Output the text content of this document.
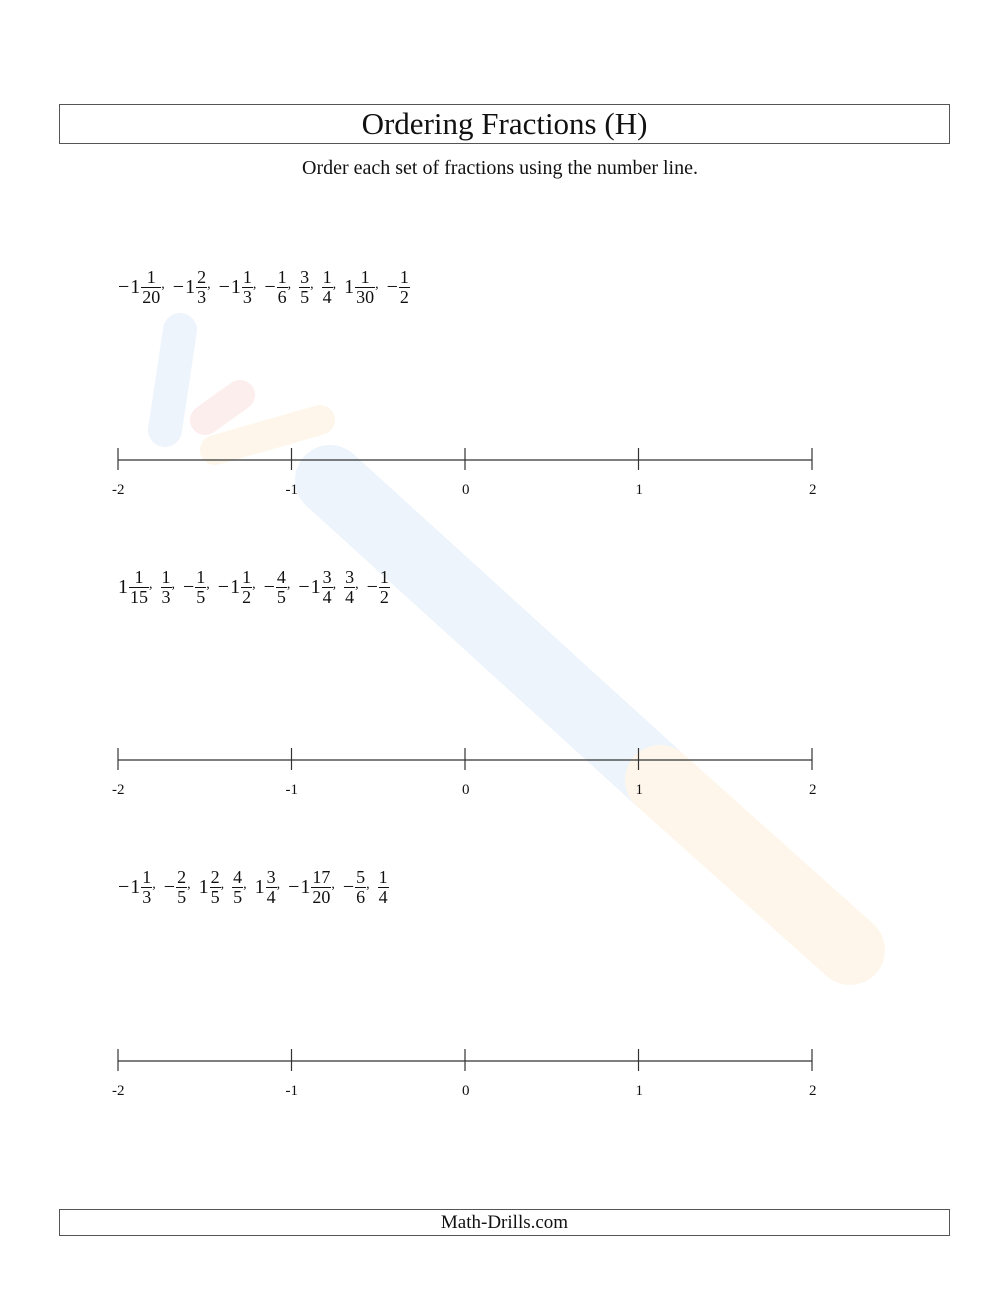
Ordering Fractions (H)
Order each set of fractions using the number line.
− $1 \frac{1}{20}$ , − $1 \frac{2}{3}$ , − $1 \frac{1}{3}$ , − $\frac{1}{6}$ , $\frac{3}{5}$ , $\frac{1}{4}$ , $1 \frac{1}{30}$ , − $\frac{1}{2}$
-2	-1	0	1	2
$1 \frac{1}{15}$ , $\frac{1}{3}$ , − $\frac{1}{5}$ , − $1 \frac{1}{2}$ , − $\frac{4}{5}$ , − $1 \frac{3}{4}$ , $\frac{3}{4}$ , − $\frac{1}{2}$
-2	-1	0	1	2
− $1 \frac{1}{3}$ , − $\frac{2}{5}$ , $1 \frac{2}{5}$ , $\frac{4}{5}$ , $1 \frac{3}{4}$ , − $1 \frac{17}{20}$ , − $\frac{5}{6}$ , $\frac{1}{4}$
-2	-1	0	1	2
Math-Drills.com
